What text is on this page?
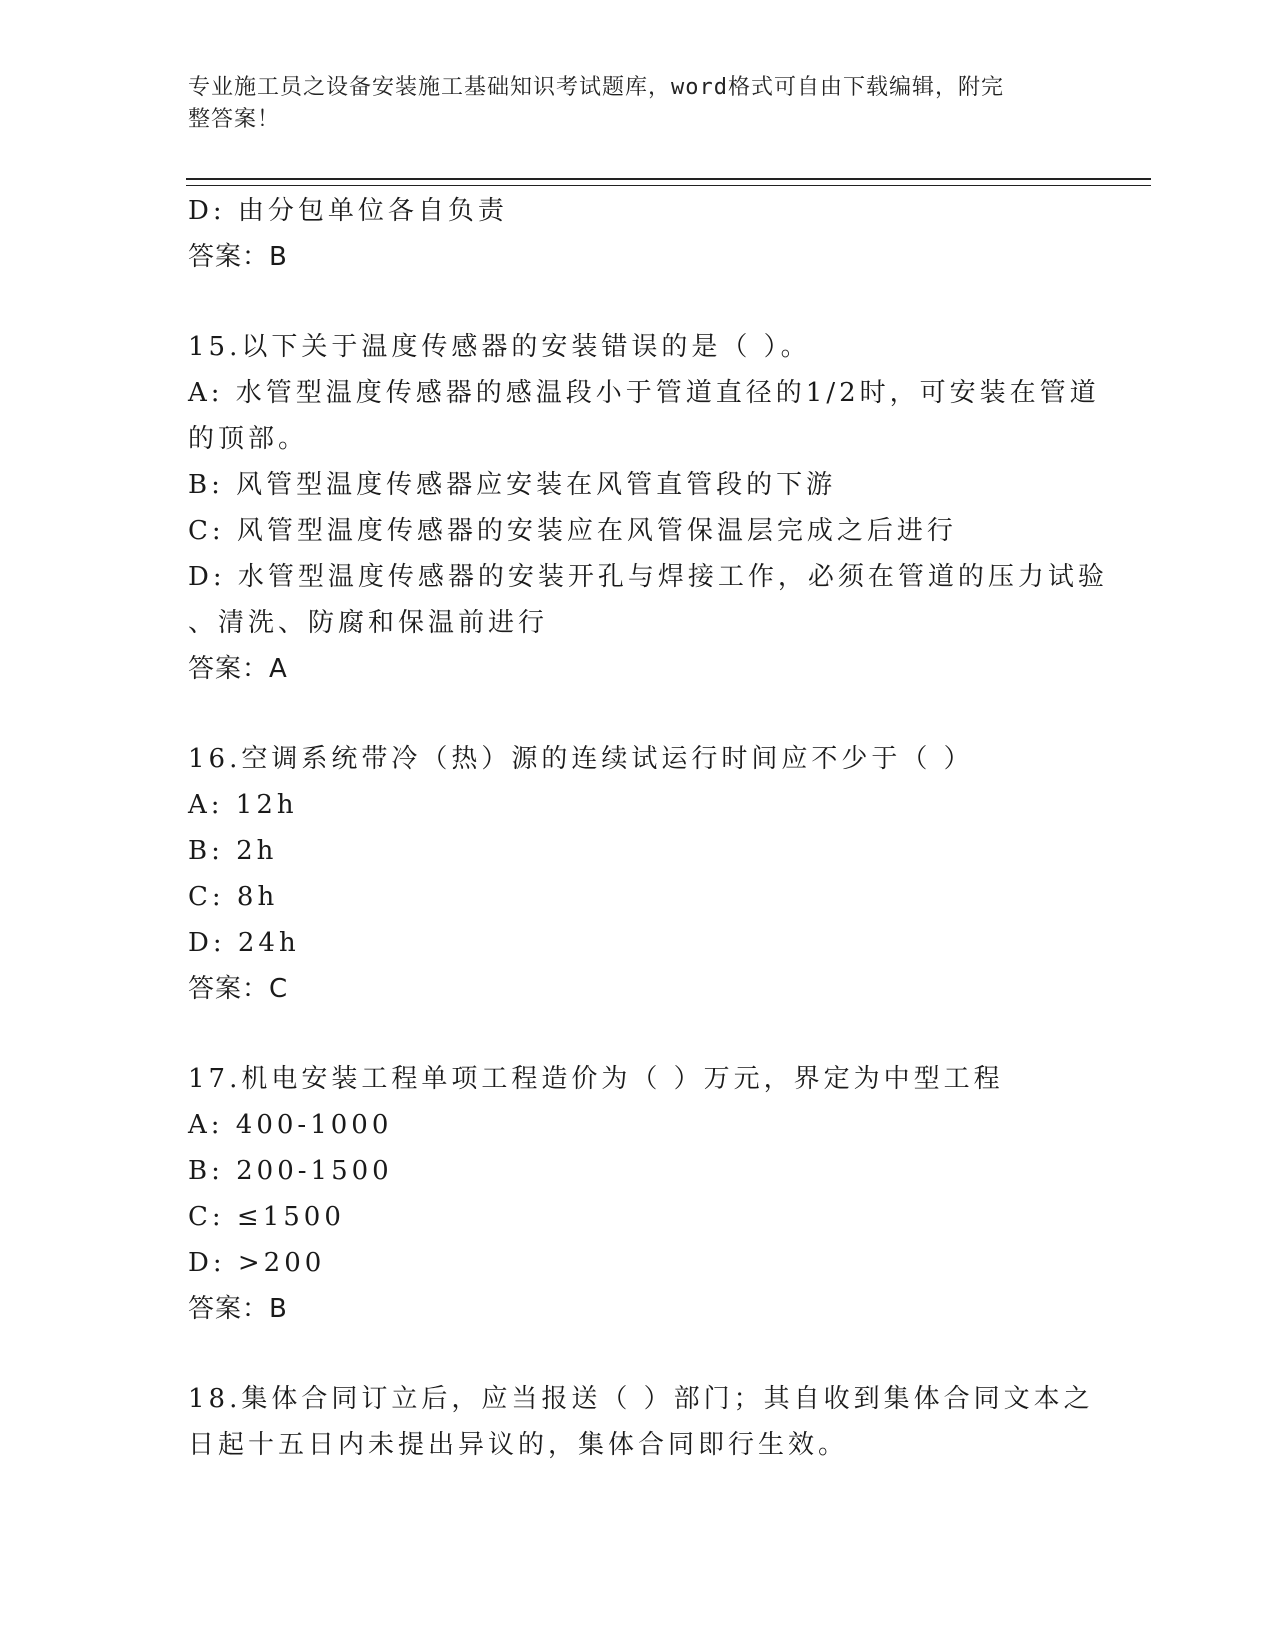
专业施工员之设备安装施工基础知识考试题库，word格式可自由下载编辑，附完
整答案！
D: 由分包单位各自负责
答案：B
15.以下关于温度传感器的安装错误的是（ ）。
A: 水管型温度传感器的感温段小于管道直径的1/2时，可安装在管道
的顶部。
B: 风管型温度传感器应安装在风管直管段的下游
C: 风管型温度传感器的安装应在风管保温层完成之后进行
D: 水管型温度传感器的安装开孔与焊接工作，必须在管道的压力试验
、清洗、防腐和保温前进行
答案：A
16.空调系统带冷（热）源的连续试运行时间应不少于（ ）
A: 12h
B: 2h
C: 8h
D: 24h
答案：C
17.机电安装工程单项工程造价为（ ）万元，界定为中型工程
A: 400-1000
B: 200-1500
C: ≤1500
D: >200
答案：B
18.集体合同订立后，应当报送（ ）部门；其自收到集体合同文本之
日起十五日内未提出异议的，集体合同即行生效。
